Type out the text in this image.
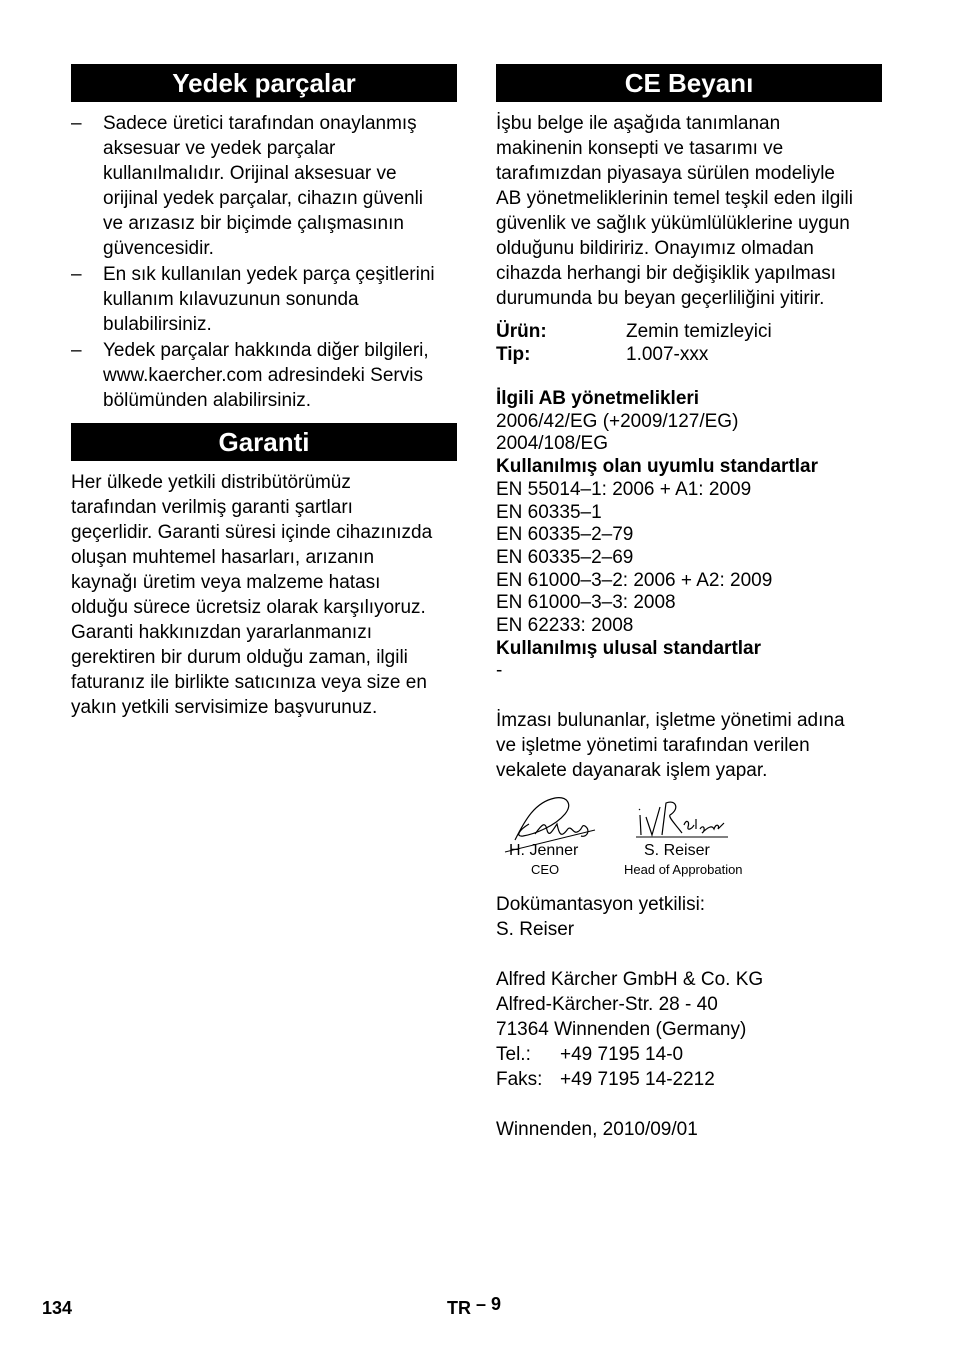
Yedek parçalar
– Sadece üretici tarafından onaylanmış
aksesuar ve yedek parçalar
kullanılmalıdır. Orijinal aksesuar ve
orijinal yedek parçalar, cihazın güvenli
ve arızasız bir biçimde çalışmasının
güvencesidir.
– En sık kullanılan yedek parça çeşitlerini
kullanım kılavuzunun sonunda
bulabilirsiniz.
– Yedek parçalar hakkında diğer bilgileri,
www.kaercher.com adresindeki Servis
bölümünden alabilirsiniz.
Garanti
Her ülkede yetkili distribütörümüz
tarafından verilmiş garanti şartları
geçerlidir. Garanti süresi içinde cihazınızda
oluşan muhtemel hasarları, arızanın
kaynağı üretim veya malzeme hatası
olduğu sürece ücretsiz olarak karşılıyoruz.
Garanti hakkınızdan yararlanmanızı
gerektiren bir durum olduğu zaman, ilgili
faturanız ile birlikte satıcınıza veya size en
yakın yetkili servisimize başvurunuz.
CE Beyanı
İşbu belge ile aşağıda tanımlanan
makinenin konsepti ve tasarımı ve
tarafımızdan piyasaya sürülen modeliyle
AB yönetmeliklerinin temel teşkil eden ilgili
güvenlik ve sağlık yükümlülüklerine uygun
olduğunu bildiririz. Onayımız olmadan
cihazda herhangi bir değişiklik yapılması
durumunda bu beyan geçerliliğini yitirir.
Ürün:	Zemin temizleyici
Tip:	1.007-xxx
İlgili AB yönetmelikleri
2006/42/EG (+2009/127/EG)
2004/108/EG
Kullanılmış olan uyumlu standartlar
EN 55014–1: 2006 + A1: 2009
EN 60335–1
EN 60335–2–79
EN 60335–2–69
EN 61000–3–2: 2006 + A2: 2009
EN 61000–3–3: 2008
EN 62233: 2008
Kullanılmış ulusal standartlar
-
İmzası bulunanlar, işletme yönetimi adına
ve işletme yönetimi tarafından verilen
vekalete dayanarak işlem yapar.
H. Jenner
CEO
S. Reiser
Head of Approbation
Dokümantasyon yetkilisi:
S. Reiser
Alfred Kärcher GmbH & Co. KG
Alfred-Kärcher-Str. 28 - 40
71364 Winnenden (Germany)
Tel.: +49 7195 14-0
Faks: +49 7195 14-2212
Winnenden, 2010/09/01
134	TR – 9
